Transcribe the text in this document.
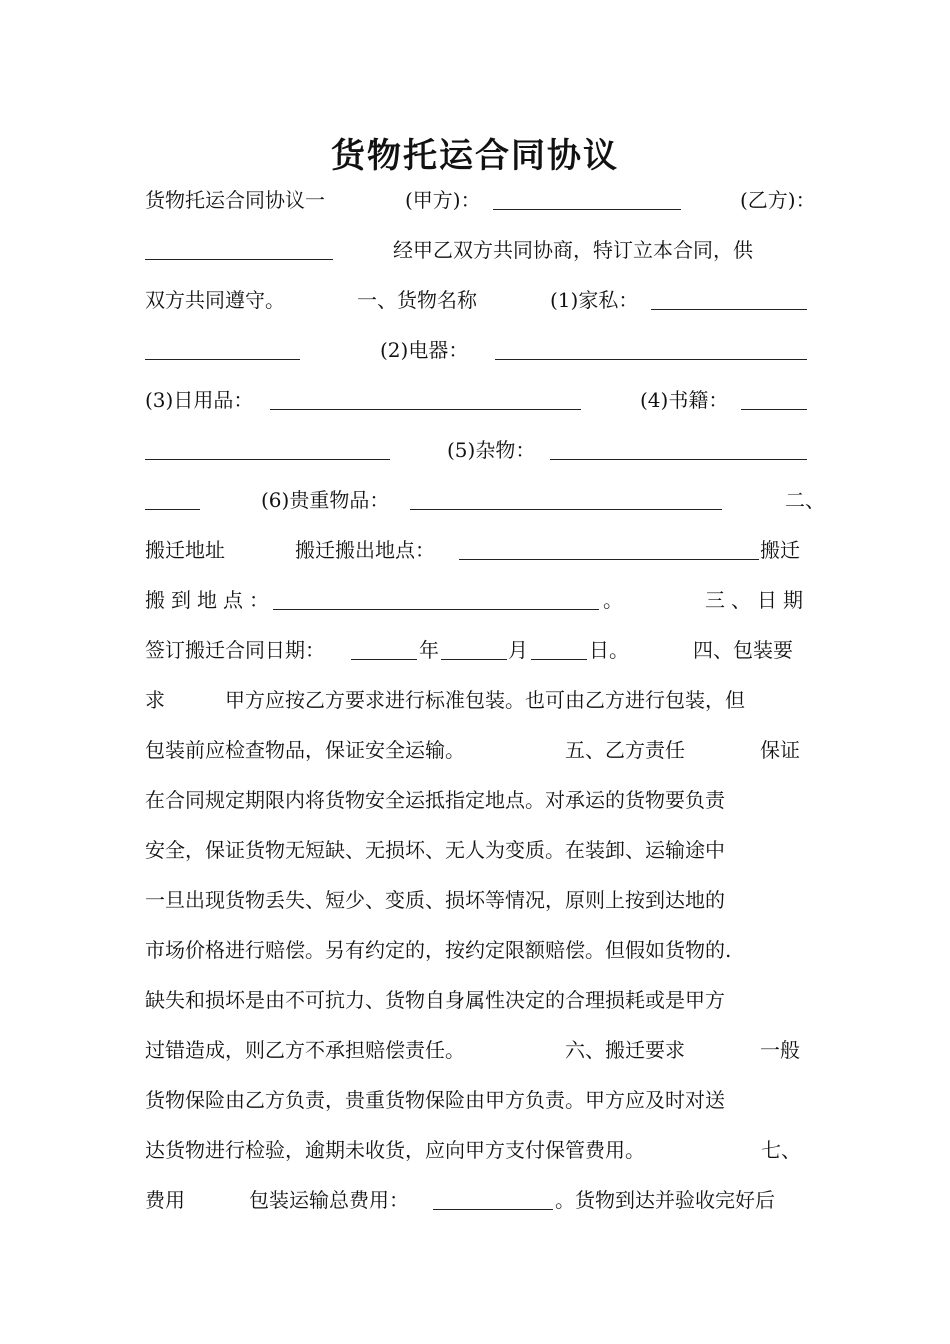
货物托运合同协议
货物托运合同协议一	(甲方)：	(乙方)：
经甲乙双方共同协商，特订立本合同，供
双方共同遵守。	一、货物名称	(1)家私：
(2)电器：
(3)日用品：	(4)书籍：
(5)杂物：
(6)贵重物品：	二、
搬迁地址	搬迁搬出地点：	搬迁
搬到地点：	。	三、日期
签订搬迁合同日期：	年	月	日。	四、包装要
求	甲方应按乙方要求进行标准包装。也可由乙方进行包装，但
包装前应检查物品，保证安全运输。	五、乙方责任	保证
在合同规定期限内将货物安全运抵指定地点。对承运的货物要负责
安全，保证货物无短缺、无损坏、无人为变质。在装卸、运输途中
一旦出现货物丢失、短少、变质、损坏等情况，原则上按到达地的
市场价格进行赔偿。另有约定的，按约定限额赔偿。但假如货物的.
缺失和损坏是由不可抗力、货物自身属性决定的合理损耗或是甲方
过错造成，则乙方不承担赔偿责任。	六、搬迁要求	一般
货物保险由乙方负责，贵重货物保险由甲方负责。甲方应及时对送
达货物进行检验，逾期未收货，应向甲方支付保管费用。	七、
费用	包装运输总费用：	。货物到达并验收完好后
